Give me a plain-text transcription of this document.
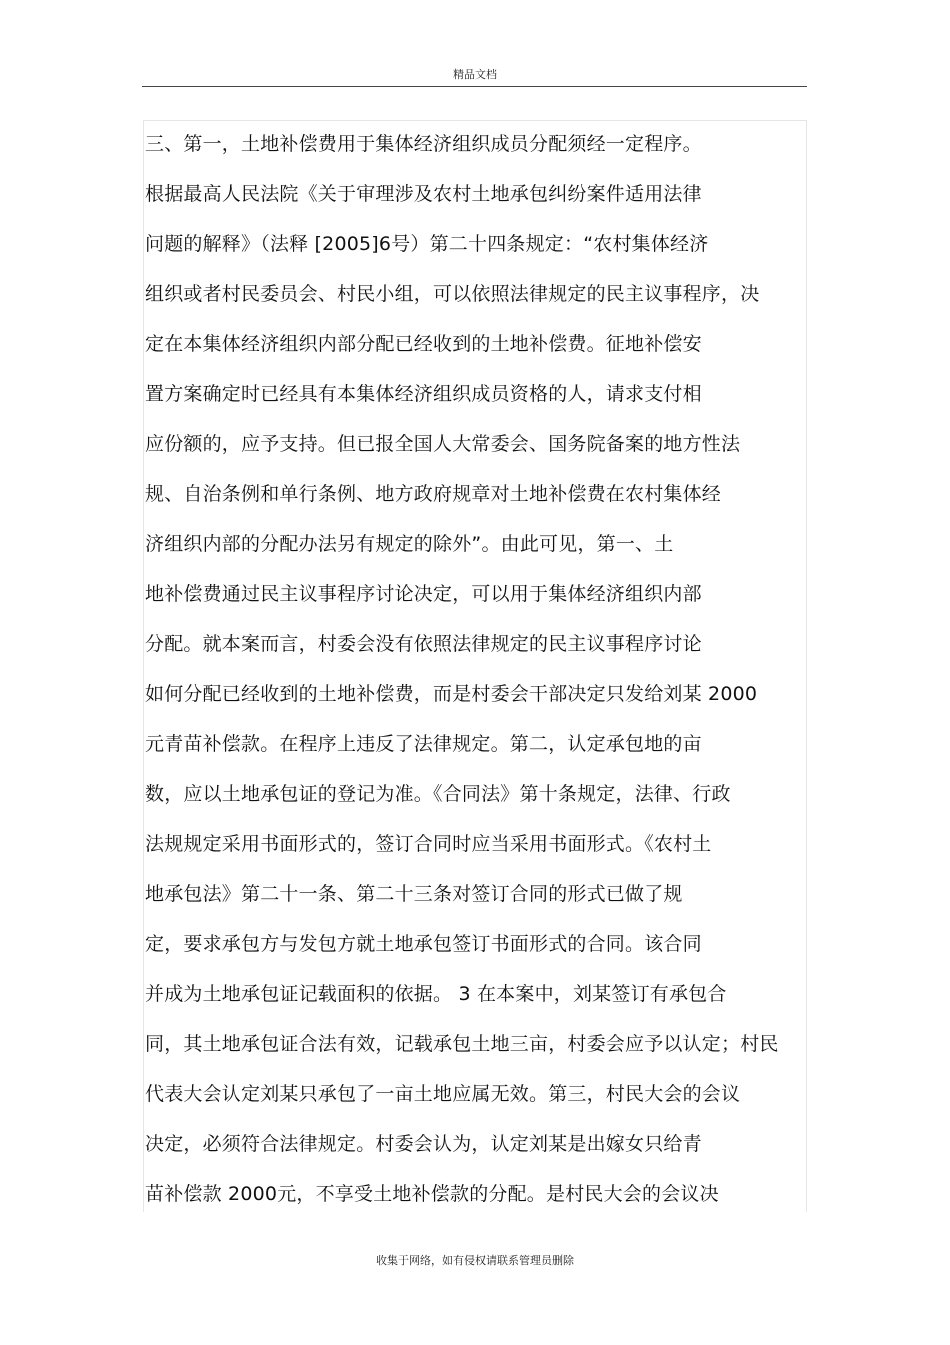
精品文档
三、第一，土地补偿费用于集体经济组织成员分配须经一定程序。
根据最高人民法院《关于审理涉及农村土地承包纠纷案件适用法律
问题的解释》（法释 [2005]6号）第二十四条规定：“农村集体经济
组织或者村民委员会、村民小组，可以依照法律规定的民主议事程序，决
定在本集体经济组织内部分配已经收到的土地补偿费。征地补偿安
置方案确定时已经具有本集体经济组织成员资格的人，请求支付相
应份额的，应予支持。但已报全国人大常委会、国务院备案的地方性法
规、自治条例和单行条例、地方政府规章对土地补偿费在农村集体经
济组织内部的分配办法另有规定的除外”。由此可见，第一、土
地补偿费通过民主议事程序讨论决定，可以用于集体经济组织内部
分配。就本案而言，村委会没有依照法律规定的民主议事程序讨论
如何分配已经收到的土地补偿费，而是村委会干部决定只发给刘某 2000
元青苗补偿款。在程序上违反了法律规定。第二，认定承包地的亩
数，应以土地承包证的登记为准。《合同法》第十条规定，法律、行政
法规规定采用书面形式的，签订合同时应当采用书面形式。《农村土
地承包法》第二十一条、第二十三条对签订合同的形式已做了规
定，要求承包方与发包方就土地承包签订书面形式的合同。该合同
并成为土地承包证记载面积的依据。 3 在本案中，刘某签订有承包合
同，其土地承包证合法有效，记载承包土地三亩，村委会应予以认定；村民
代表大会认定刘某只承包了一亩土地应属无效。第三，村民大会的会议
决定，必须符合法律规定。村委会认为，认定刘某是出嫁女只给青
苗补偿款 2000元，不享受土地补偿款的分配。是村民大会的会议决
收集于网络，如有侵权请联系管理员删除
